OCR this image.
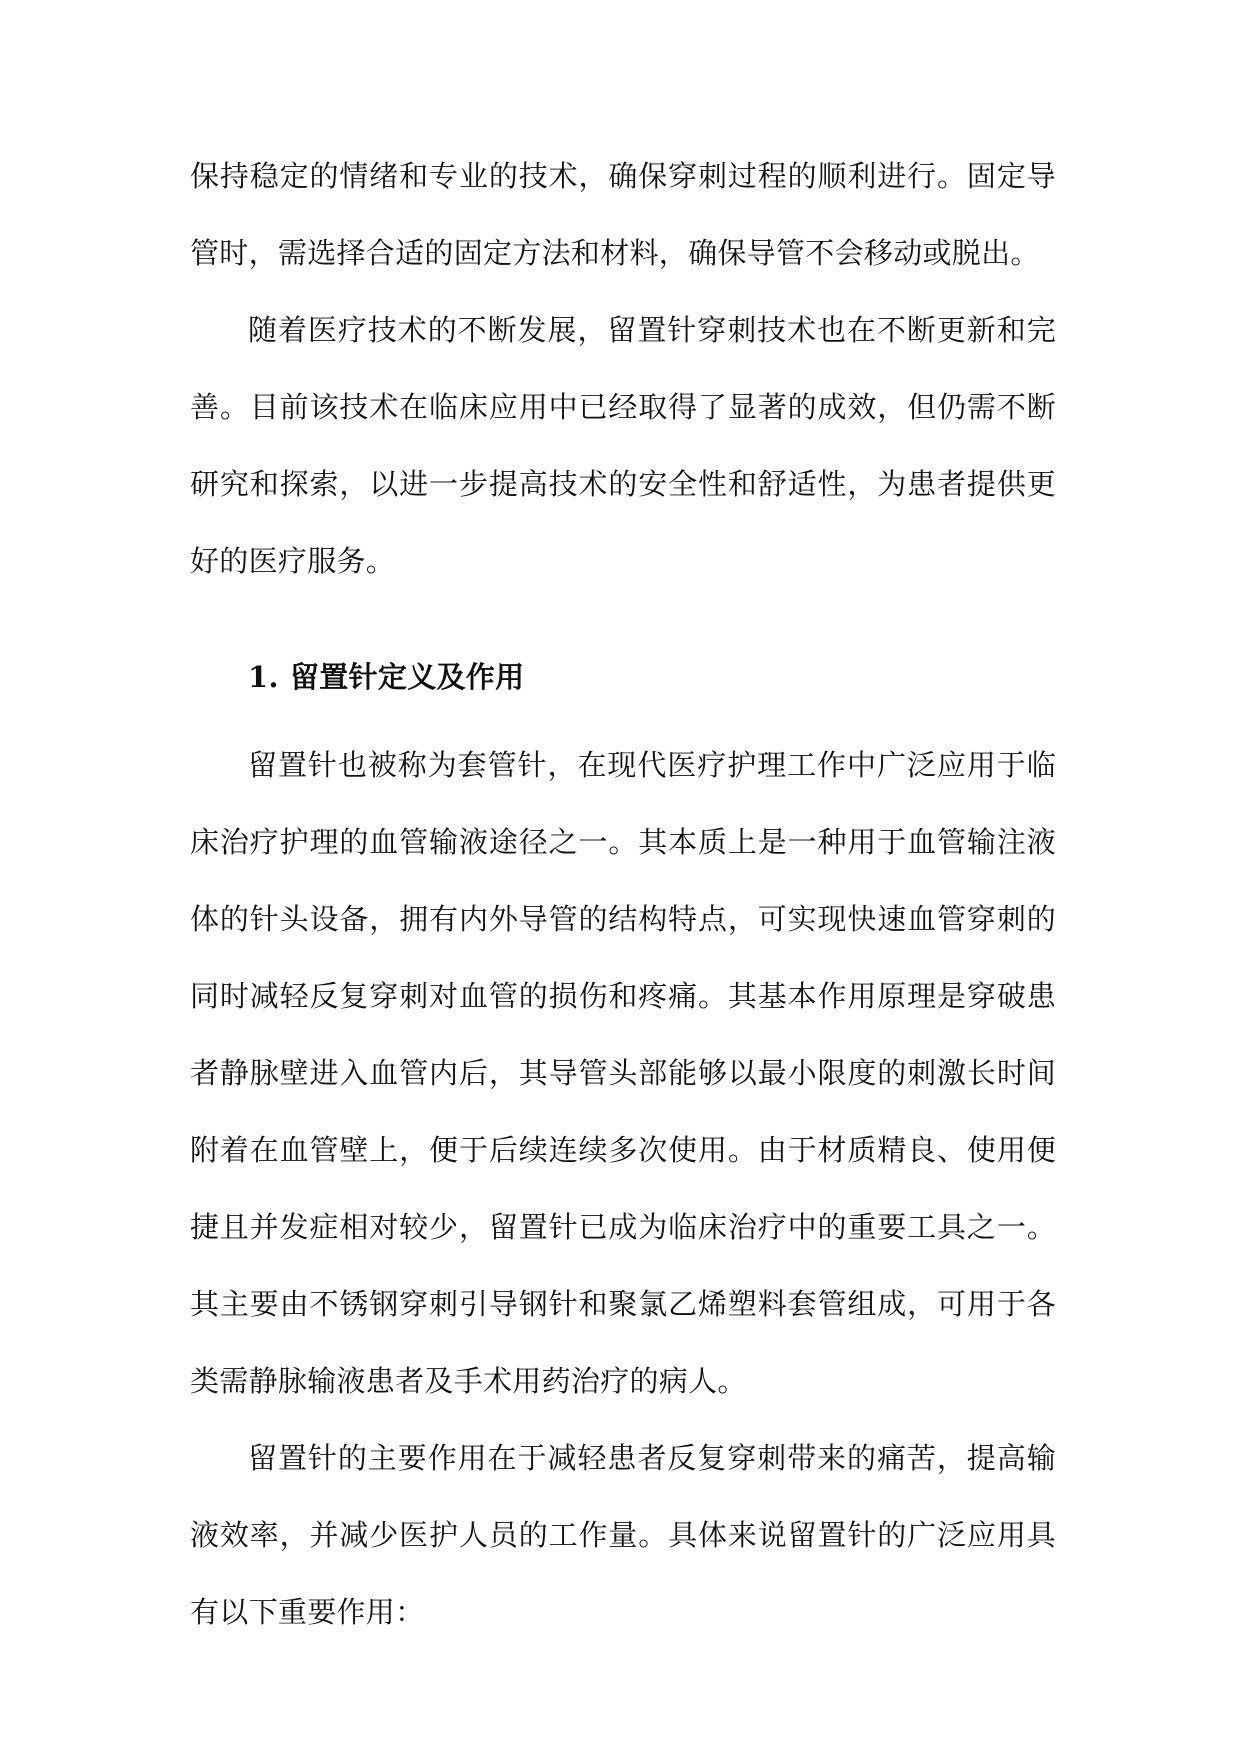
保持稳定的情绪和专业的技术，确保穿刺过程的顺利进行。固定导管时，需选择合适的固定方法和材料，确保导管不会移动或脱出。

随着医疗技术的不断发展，留置针穿刺技术也在不断更新和完善。目前该技术在临床应用中已经取得了显著的成效，但仍需不断研究和探索，以进一步提高技术的安全性和舒适性，为患者提供更好的医疗服务。

1. 留置针定义及作用

留置针也被称为套管针，在现代医疗护理工作中广泛应用于临床治疗护理的血管输液途径之一。其本质上是一种用于血管输注液体的针头设备，拥有内外导管的结构特点，可实现快速血管穿刺的同时减轻反复穿刺对血管的损伤和疼痛。其基本作用原理是穿破患者静脉壁进入血管内后，其导管头部能够以最小限度的刺激长时间附着在血管壁上，便于后续连续多次使用。由于材质精良、使用便捷且并发症相对较少，留置针已成为临床治疗中的重要工具之一。其主要由不锈钢穿刺引导钢针和聚氯乙烯塑料套管组成，可用于各类需静脉输液患者及手术用药治疗的病人。

留置针的主要作用在于减轻患者反复穿刺带来的痛苦，提高输液效率，并减少医护人员的工作量。具体来说留置针的广泛应用具有以下重要作用：
